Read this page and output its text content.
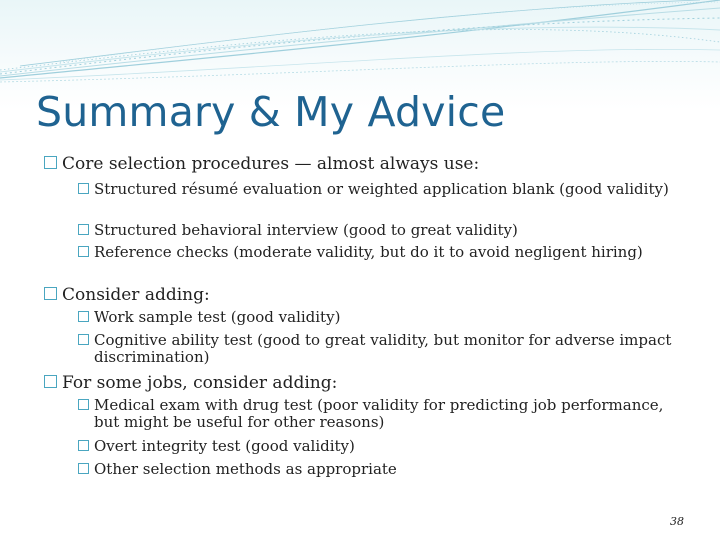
Summary & My Advice
Core selection procedures — almost always use:
Structured résumé evaluation or weighted application blank (good validity)
Structured behavioral interview (good to great validity)
Reference checks (moderate validity, but do it to avoid negligent hiring)
Consider adding:
Work sample test (good validity)
Cognitive ability test (good to great validity, but monitor for adverse impact discrimination)
For some jobs, consider adding:
Medical exam with drug test (poor validity for predicting job performance, but might be useful for other reasons)
Overt integrity test (good validity)
Other selection methods as appropriate
38
